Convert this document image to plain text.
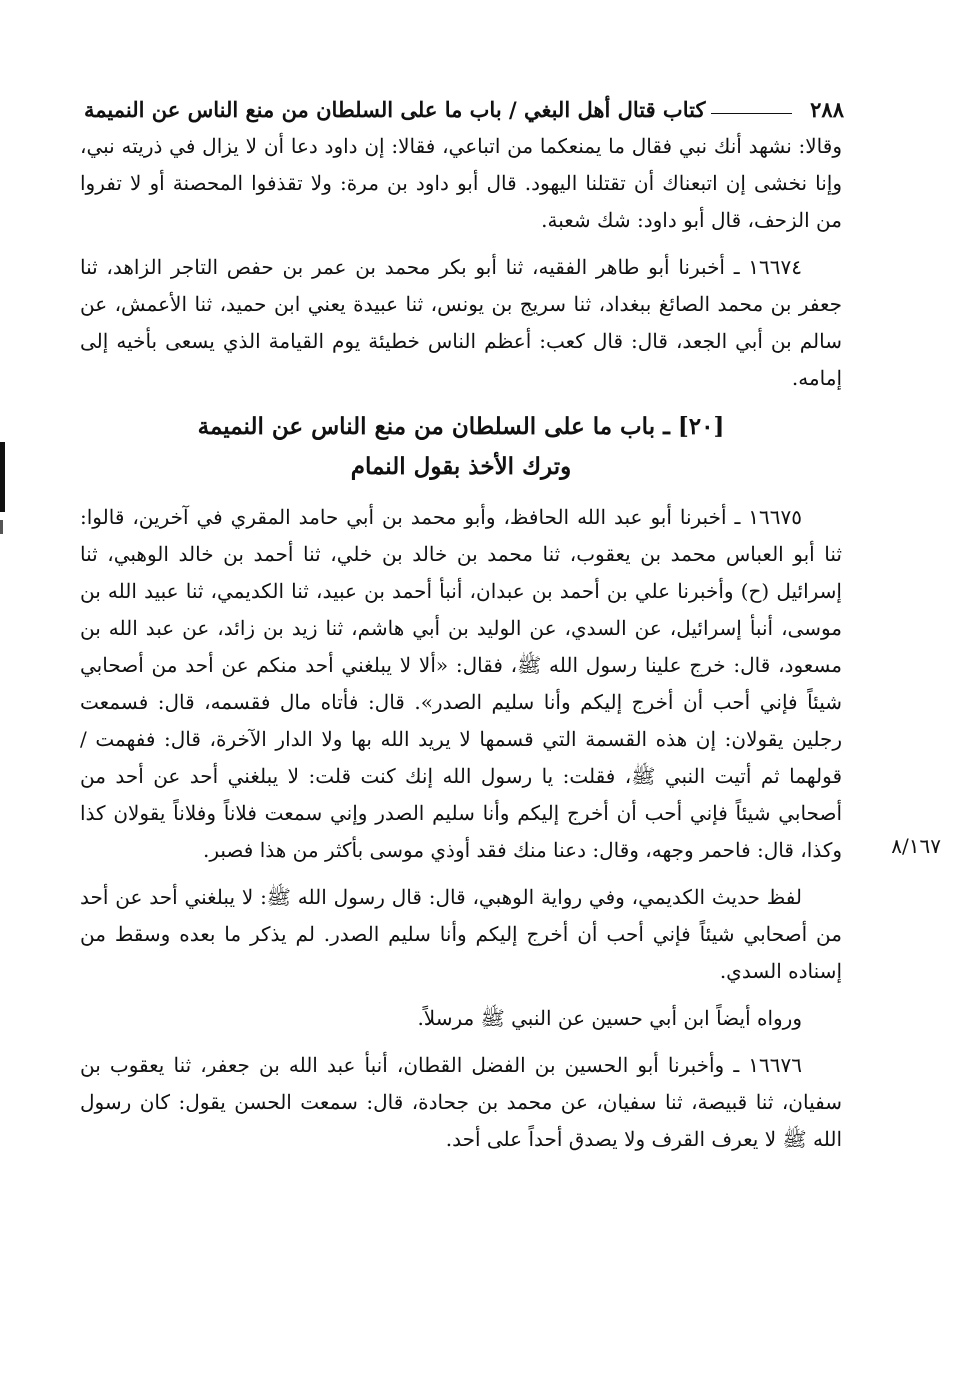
٢٨٨
كتاب قتال أهل البغي / باب ما على السلطان من منع الناس عن النميمة

وقالا: نشهد أنك نبي فقال ما يمنعكما من اتباعي، فقالا: إن داود دعا أن لا يزال في ذريته نبي، وإنا نخشى إن اتبعناك أن تقتلنا اليهود. قال أبو داود بن مرة: ولا تقذفوا المحصنة أو لا تفروا من الزحف، قال أبو داود: شك شعبة.

١٦٦٧٤ ـ أخبرنا أبو طاهر الفقيه، ثنا أبو بكر محمد بن عمر بن حفص التاجر الزاهد، ثنا جعفر بن محمد الصائغ ببغداد، ثنا سريج بن يونس، ثنا عبيدة يعني ابن حميد، ثنا الأعمش، عن سالم بن أبي الجعد، قال: قال كعب: أعظم الناس خطيئة يوم القيامة الذي يسعى بأخيه إلى إمامه.

[٢٠] ـ باب ما على السلطان من منع الناس عن النميمة
وترك الأخذ بقول النمام

١٦٦٧٥ ـ أخبرنا أبو عبد الله الحافظ، وأبو محمد بن أبي حامد المقري في آخرين، قالوا: ثنا أبو العباس محمد بن يعقوب، ثنا محمد بن خالد بن خلي، ثنا أحمد بن خالد الوهبي، ثنا إسرائيل (ح) وأخبرنا علي بن أحمد بن عبدان، أنبأ أحمد بن عبيد، ثنا الكديمي، ثنا عبيد الله بن موسى، أنبأ إسرائيل، عن السدي، عن الوليد بن أبي هاشم، ثنا زيد بن زائد، عن عبد الله بن مسعود، قال: خرج علينا رسول الله ﷺ، فقال: «ألا لا يبلغني أحد منكم عن أحد من أصحابي شيئاً فإني أحب أن أخرج إليكم وأنا سليم الصدر». قال: فأتاه مال فقسمه، قال: فسمعت رجلين يقولان: إن هذه القسمة التي قسمها لا يريد الله بها ولا الدار الآخرة، قال: ففهمت / قولهما ثم أتيت النبي ﷺ، فقلت: يا رسول الله إنك كنت قلت: لا يبلغني أحد عن أحد من أصحابي شيئاً فإني أحب أن أخرج إليكم وأنا سليم الصدر وإني سمعت فلاناً وفلاناً يقولان كذا وكذا، قال: فاحمر وجهه، وقال: دعنا منك فقد أوذي موسى بأكثر من هذا فصبر.

لفظ حديث الكديمي، وفي رواية الوهبي، قال: قال رسول الله ﷺ: لا يبلغني أحد عن أحد من أصحابي شيئاً فإني أحب أن أخرج إليكم وأنا سليم الصدر. لم يذكر ما بعده وسقط من إسناده السدي.

ورواه أيضاً ابن أبي حسين عن النبي ﷺ مرسلاً.

١٦٦٧٦ ـ وأخبرنا أبو الحسين بن الفضل القطان، أنبأ عبد الله بن جعفر، ثنا يعقوب بن سفيان، ثنا قبيصة، ثنا سفيان، عن محمد بن جحادة، قال: سمعت الحسن يقول: كان رسول الله ﷺ لا يعرف القرف ولا يصدق أحداً على أحد.

٨/١٦٧
